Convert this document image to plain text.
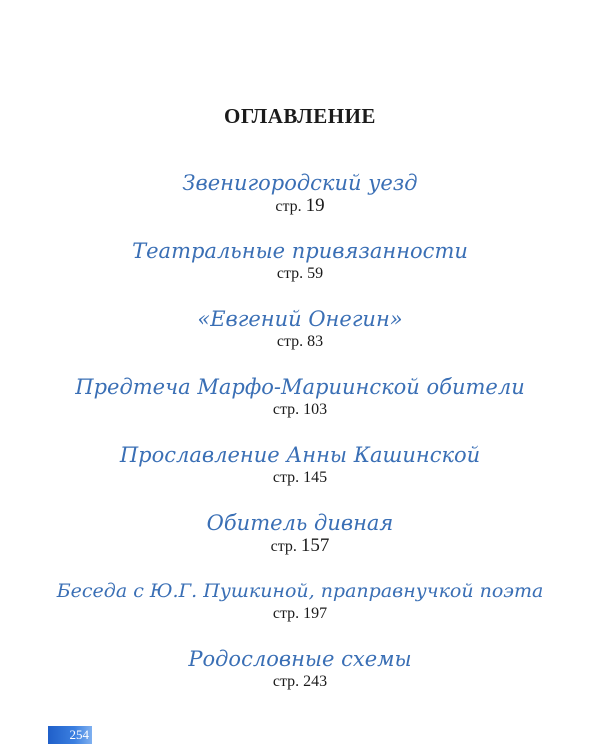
ОГЛАВЛЕНИЕ
Звенигородский уезд
стр. 19
Театральные привязанности
стр. 59
«Евгений Онегин»
стр. 83
Предтеча Марфо-Мариинской обители
стр. 103
Прославление Анны Кашинской
стр. 145
Обитель дивная
стр. 157
Беседа с Ю.Г. Пушкиной, праправнучкой поэта
стр. 197
Родословные схемы
стр. 243
254
